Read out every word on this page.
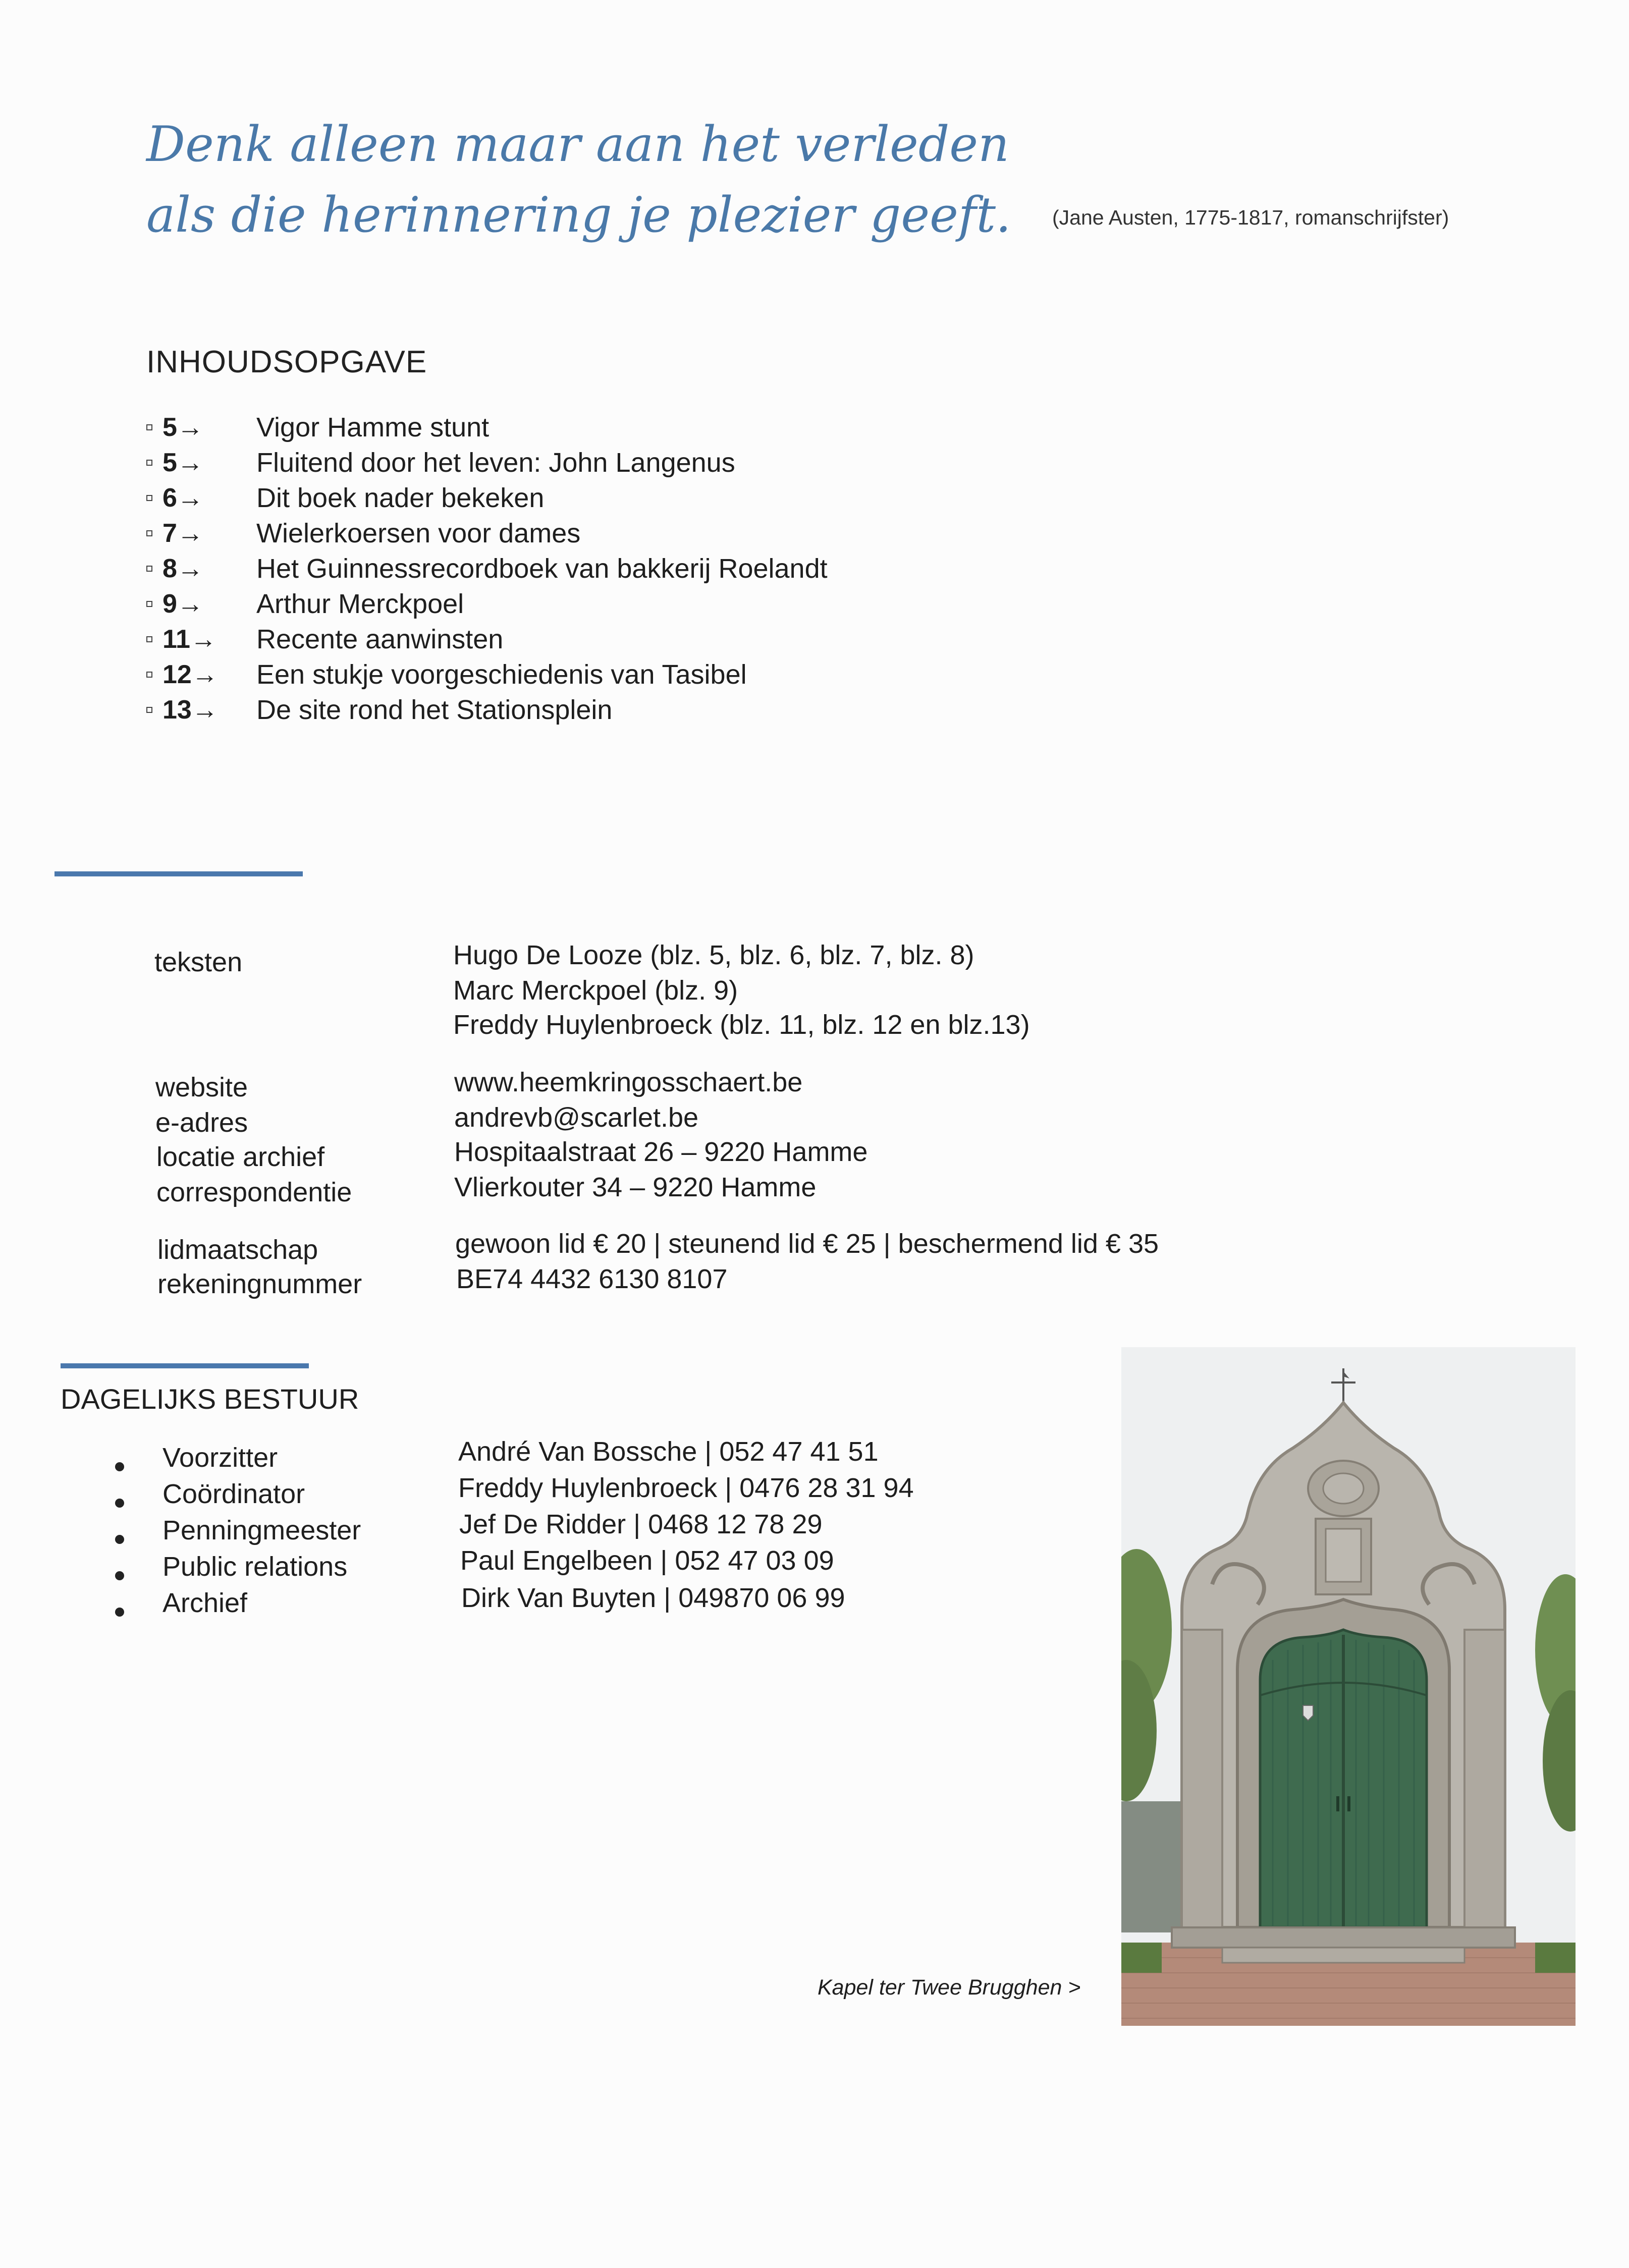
Denk alleen maar aan het verleden
als die herinnering je plezier geeft. (Jane Austen, 1775-1817, romanschrijfster)
INHOUDSOPGAVE
5→	Vigor Hamme stunt
5→	Fluitend door het leven: John Langenus
6→	Dit boek nader bekeken
7→	Wielerkoersen voor dames
8→	Het Guinnessrecordboek van bakkerij Roelandt
9→	Arthur Merckpoel
11→	Recente aanwinsten
12→	Een stukje voorgeschiedenis van Tasibel
13→	De site rond het Stationsplein
teksten	Hugo De Looze (blz. 5, blz. 6, blz. 7, blz. 8)
Marc Merckpoel (blz. 9)
Freddy Huylenbroeck (blz. 11, blz. 12 en blz.13)
website	www.heemkringosschaert.be
e-adres	andrevb@scarlet.be
locatie archief	Hospitaalstraat 26 – 9220 Hamme
correspondentie	Vlierkouter 34 – 9220 Hamme
lidmaatschap	gewoon lid € 20 | steunend lid € 25 | beschermend lid € 35
rekeningnummer	BE74 4432 6130 8107
DAGELIJKS BESTUUR
Voorzitter	André Van Bossche | 052 47 41 51
Coördinator	Freddy Huylenbroeck | 0476 28 31 94
Penningmeester	Jef De Ridder | 0468 12 78 29
Public relations	Paul Engelbeen | 052 47 03 09
Archief	Dirk Van Buyten | 049870 06 99
Kapel ter Twee Brugghen >
